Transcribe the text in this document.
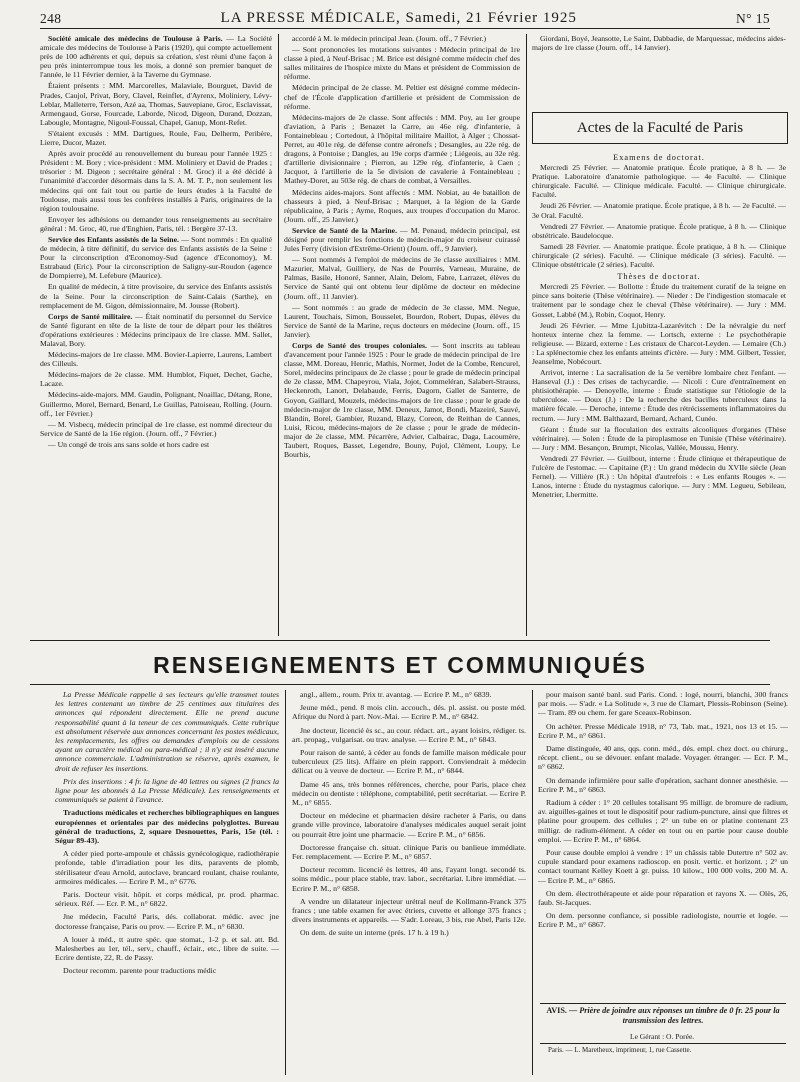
248	LA PRESSE MÉDICALE, Samedi, 21 Février 1925	N° 15

Société amicale des médecins de Toulouse à Paris. — La Société amicale des médecins de Toulouse à Paris (1920), qui compte actuellement près de 100 adhérents et qui, depuis sa création, s'est réuni d'une façon à peu près ininterrompue tous les mois, a donné son premier banquet de l'année, le 11 Février dernier, à la Taverne du Gymnase.

Étaient présents : MM. Marcorelles, Malaviale, Bourguet, David de Prades, Caujol, Privat, Bory, Clavel, Reinflet, d'Ayrenx, Moliniery, Lévy-Leblar, Malleterre, Terson, Azé aa, Thomas, Sauvepiane, Groc, Esclavissat, Armengaud, Gorse, Fourcade, Laborde, Nicod, Digeon, Durand, Dozzan, Labougle, Montagne, Nigoul-Foussal, Chapel, Ganup, Mont-Refet.

S'étaient excusés : MM. Dartigues, Roule, Fau, Delherm, Peribère, Lierre, Ducor, Mazet.

Après avoir procédé au renouvellement du bureau pour l'année 1925 : Président : M. Bory ; vice-président : MM. Moliniery et David de Prades ; trésorier : M. Digeon ; secrétaire général : M. Groc) il a été décidé à l'unanimité d'accorder désormais dans la S. A. M. T. P., non seulement les médecins qui ont fait tout ou partie de leurs études à la Faculté de Toulouse, mais aussi tous les confrères installés à Paris, originaires de la région toulousaine.

Envoyer les adhésions ou demander tous renseignements au secrétaire général : M. Groc, 40, rue d'Enghien, Paris, tél. : Bergère 37-13.

Service des Enfants assistés de la Seine. — Sont nommés : En qualité de médecin, à titre définitif, du service des Enfants assistés de la Seine : Pour la circonscription d'Economoy-Sud (agence d'Economoy), M. Estrabaud (Eric). Pour la circonscription de Saligny-sur-Roudon (agence de Dompierre), M. Lefebure (Maurice).

En qualité de médecin, à titre provisoire, du service des Enfants assistés de la Seine. Pour la circonscription de Saint-Calais (Sarthe), en remplacement de M. Gigon, démissionnaire, M. Jousse (Robert).

Corps de Santé militaire. — Était nominatif du personnel du Service de Santé figurant en tête de la liste de tour de départ pour les théâtres d'opérations extérieures : Médecins principaux de 1re classe. MM. Sallet, Malaval, Bory.

Médecins-majors de 1re classe. MM. Bovier-Lapierre, Laurens, Lambert des Cilleuls.

Médecins-majors de 2e classe. MM. Humblot, Fiquet, Dechet, Gache, Lacaze.

Médecins-aide-majors. MM. Gaudin, Polignant, Noaillac, Détang, Rone, Guillermo, Morel, Bernard, Benard, Le Guillas, Patoiseau, Rolling. (Journ. off., 1er Février.)

— M. Visbecq, médecin principal de 1re classe, est nommé directeur du Service de Santé de la 16e région. (Journ. off., 7 Février.)

— Un congé de trois ans sans solde et hors cadre est

accordé à M. le médecin principal Jean. (Journ. off., 7 Février.)

— Sont prononcées les mutations suivantes : Médecin principal de 1re classe à pied, à Neuf-Brisac ; M. Brice est désigné comme médecin chef des salles militaires de l'hospice mixte du Mans et président de Commission de réforme.

Médecin principal de 2e classe. M. Peltier est désigné comme médecin-chef de l'École d'application d'artillerie et président de Commission de réforme.

Médecins-majors de 2e classe. Sont affectés : MM. Poy, au 1er groupe d'aviation, à Paris ; Benazet la Carre, au 46e rég. d'infanterie, à Fontainebleau ; Cortedout, à l'hôpital militaire Maillot, à Alger ; Chossat-Perret, au 401e rég. de défense contre aéronefs ; Desangles, au 22e rég. de dragons, à Pontoise ; Dangles, au 19e corps d'armée ; Liégeois, au 32e rég. d'artillerie divisionnaire ; Pierron, au 129e rég. d'infanterie, à Caen ; Jacquot, à l'artillerie de la 5e division de cavalerie à Fontainebleau ; Mathey-Doret, au 503e rég. de chars de combat, à Versailles.

Médecins aides-majors. Sont affectés : MM. Nobiat, au 4e bataillon de chasseurs à pied, à Neuf-Brisac ; Marquet, à la légion de la Garde républicaine, à Paris ; Ayme, Roques, aux troupes d'occupation du Maroc. (Journ. off., 25 Janvier.)

Service de Santé de la Marine. — M. Penaud, médecin principal, est désigné pour remplir les fonctions de médecin-major du croiseur cuirassé Jules Ferry (division d'Extrême-Orient) (Journ. off., 9 Janvier).

— Sont nommés à l'emploi de médecins de 3e classe auxiliaires : MM. Mazurier, Malval, Guilliery, de Nas de Pourrès, Varneau, Muraine, de Palmas, Basile, Honoré, Sanner, Alain, Delom, Fabre, Larrazet, élèves du Service de Santé qui ont obtenu leur diplôme de docteur en médecine (Journ. off., 11 Janvier).

— Sont nommés : au grade de médecin de 3e classe, MM. Negue, Laurent, Touchais, Simon, Bousselet, Bourdon, Robert, Dupas, élèves du Service de Santé de la Marine, reçus docteurs en médecine (Journ. off., 15 Janvier).

Corps de Santé des troupes coloniales. — Sont inscrits au tableau d'avancement pour l'année 1925 : Pour le grade de médecin principal de 1re classe, MM. Doreau, Henric, Mathis, Normet, Jodet de la Combe, Rencurel, Sorel, médecins principaux de 2e classe ; pour le grade de médecin principal de 2e classe, MM. Chapeyrou, Viala, Jojot, Commeléran, Salabert-Strauss, Heckenroth, Lanort, Delabaude, Ferris, Dagorn, Gallet de Santerre, de Goyon, Gaillard, Mouzels, médecins-majors de 1re classe ; pour le grade de médecin-major de 1re classe, MM. Deneux, Jamot, Bondi, Mazeiré, Sauvé, Blandin, Borel, Gambier, Ruzand, Blazy, Coreon, de Reithan de Cannes, Luisi, Ricou, médecins-majors de 2e classe ; pour le grade de médecin-major de 2e classe, MM. Pécarrère, Advier, Calbairac, Daga, Lacoumère, Taubert, Roques, Basset, Legendre, Bouny, Pujol, Clément, Loupy, Le Bourhis,

Giordani, Boyé, Jeansotte, Le Saint, Dabbadie, de Marquessac, médecins aides-majors de 1re classe (Journ. off., 14 Janvier).

Actes de la Faculté de Paris
Examens de doctorat.

Mercredi 25 Février. — Anatomie pratique. École pratique, à 8 h. — 3e Pratique. Laboratoire d'anatomie pathologique. — 4e Faculté. — Clinique chirurgicale. Faculté. — Clinique médicale. Faculté. — Clinique chirurgicale. Faculté.

Jeudi 26 Février. — Anatomie pratique. École pratique, à 8 h. — 2e Faculté. — 3e Oral. Faculté.

Vendredi 27 Février. — Anatomie pratique. École pratique, à 8 h. — Clinique obstétricale. Baudelocque.

Samedi 28 Février. — Anatomie pratique. École pratique, à 8 h. — Clinique chirurgicale (2 séries). Faculté. — Clinique médicale (3 séries). Faculté. — Clinique obstétricale (2 séries). Faculté.

Thèses de doctorat.

Mercredi 25 Février. — Bollotte : Étude du traitement curatif de la teigne en pince sans boiterie (Thèse vétérinaire). — Nieder : De l'indigestion stomacale et traitement par le sondage chez le cheval (Thèse vétérinaire). — Jury : MM. Gosset, Labbé (M.), Robin, Coquot, Henry.

Jeudi 26 Février. — Mme Ljubitza-Lazarévitch : De la névralgie du nerf honteux interne chez la femme. — Lortsch, externe : Le psychothérapie religieuse. — Bizard, externe : Les cristaux de Charcot-Leyden. — Lemaire (Ch.) : La splénectomie chez les enfants atteints d'ictère. — Jury : MM. Gilbert, Tessier, Jeanselme, Nobécourt.

Arrivot, interne : La sacralisation de la 5e vertèbre lombaire chez l'enfant. — Hanseval (J.) : Des crises de tachycardie. — Nicoli : Cure d'entraînement en phtisiothérapie. — Denoyelle, interne : Étude statistique sur l'étiologie de la tuberculose. — Doux (J.) : De la recherche des bacilles tuberculeux dans la matière fécale. — Deroche, interne : Étude des rétrécissements inflammatoires du rectum. — Jury : MM. Balthazard, Bernard, Achard, Cunéo.

Géant : Étude sur la floculation des extraits alcooliques d'organes (Thèse vétérinaire). — Solen : Étude de la piroplasmose en Tunisie (Thèse vétérinaire). — Jury : MM. Besançon, Brumpt, Nicolas, Vallée, Moussu, Henry.

Vendredi 27 Février. — Guilbout, interne : Étude clinique et thérapeutique de l'ulcère de l'estomac. — Capitaine (P.) : Un grand médecin du XVIIe siècle (Jean Fernel). — Villière (R.) : Un hôpital d'autrefois : « Les enfants Rouges ». — Lanos, interne : Étude du nystagmus calorique. — Jury : MM. Legueu, Sebileau, Menetrier, Lhermitte.

RENSEIGNEMENTS ET COMMUNIQUÉS

La Presse Médicale rappelle à ses lecteurs qu'elle transmet toutes les lettres contenant un timbre de 25 centimes aux titulaires des annonces qui répondent directement. Elle ne prend aucune responsabilité quant à la teneur de ces communiqués. Cette rubrique est absolument réservée aux annonces concernant les postes médicaux, les remplacements, les offres ou demandes d'emplois ou de cessions ayant un caractère médical ou para-médical ; il n'y est inséré aucune annonce commerciale. L'administration se réserve, après examen, le droit de refuser les insertions.

Prix des insertions : 4 fr. la ligne de 40 lettres ou signes (2 francs la ligne pour les abonnés à La Presse Médicale). Les renseignements et communiqués se paient à l'avance.

Traductions médicales et recherches bibliographiques en langues européennes et orientales par des médecins polyglottes. Bureau général de traductions, 2, square Desnouettes, Paris, 15e (tél. : Ségur 89-43).

A céder pied porte-ampoule et châssis gynécologique, radiothérapie profonde, table d'irradiation pour les dits, paravents de plomb, stérilisateur d'eau Arnold, autoclave, brancard roulant, chaise roulante, armoires médicales. — Ecrire P. M., n° 6776.

Paris. Docteur visit. hôpit. et corps médical, pr. prod. pharmac. sérieux. Réf. — Ecr. P. M., n° 6822.

Jne médecin, Faculté Paris, dés. collaborat. médic. avec jne doctoresse française, Paris ou prov. — Ecrire P. M., n° 6830.

A louer à méd., tt autre spéc. que stomat., 1-2 p. et sal. att. Bd. Malesherbes au 1er, tél., serv., chauff., éclair., etc., libre de suite. — Ecrire dentiste, 22, R. de Passy.

Docteur recomm. parente pour traductions médic

angl., allem., roum. Prix tr. avantag. — Ecrire P. M., n° 6839.

Jeune méd., pend. 8 mois clin. accouch., dés. pl. assist. ou poste méd. Afrique du Nord à part. Nov.-Mai. — Ecrire P. M., n° 6842.

Jne docteur, licencié ès sc., au cour. rédact. art., ayant loisirs, rédiger. ts. art. propag., vulgarisat. ou trav. analyse. — Ecrire P. M., n° 6843.

Pour raison de santé, à céder au fonds de famille maison médicale pour tuberculeux (25 lits). Affaire en plein rapport. Conviendrait à médecin délicat ou à veuve de docteur. — Ecrire P. M., n° 6844.

Dame 45 ans, très bonnes références, cherche, pour Paris, place chez médecin ou dentiste : téléphone, comptabilité, petit secrétariat. — Ecrire P. M., n° 6855.

Docteur en médecine et pharmacien désire racheter à Paris, ou dans grande ville province, laboratoire d'analyses médicales auquel serait joint ou pourrait être joint une pharmacie. — Ecrire P. M., n° 6856.

Doctoresse française ch. situat. clinique Paris ou banlieue immédiate. Fer. remplacement. — Ecrire P. M., n° 6857.

Docteur recomm. licencié ès lettres, 40 ans, l'ayant longt. secondé ts. soins médic., pour place stable, trav. labor., secrétariat. Libre immédiat. — Ecrire P. M., n° 6858.

A vendre un dilatateur injecteur urétral neuf de Kollmann-Franck 375 francs ; une table examen fer avec étriers, cuvette et allonge 375 francs ; divers instruments et appareils. — S'adr. Loreau, 3 bis, rue Abel, Paris 12e.

On dem. de suite un interne (prés. 17 h. à 19 h.)

pour maison santé banl. sud Paris. Cond. : logé, nourri, blanchi, 300 francs par mois. — S'adr. « La Solitude », 3 rue de Clamart, Plessis-Robinson (Seine). — Tram. 89 ou chem. fer gare Sceaux-Robinson.

On achèter. Presse Médicale 1918, n° 73, Tab. mat., 1921, nos 13 et 15. — Ecrire P. M., n° 6861.

Dame distinguée, 40 ans, qqs. conn. méd., dés. empl. chez doct. ou chirurg., récept. client., ou se dévouer. enfant malade. Voyager. étranger. — Ecr. P. M., n° 6862.

On demande infirmière pour salle d'opération, sachant donner anesthésie. — Ecrire P. M., n° 6863.

Radium à céder : 1° 20 cellules totalisant 95 milligr. de bromure de radium, av. aiguilles-gaines et tout le dispositif pour radium-puncture, ainsi que filtres et platine pour groupem. des cellules ; 2° un tube en or platine contenant 23 milligr. de radium-élément. A céder en tout ou en partie pour cause double emploi. — Ecrire P. M., n° 6864.

Pour cause double emploi à vendre : 1° un châssis table Dutertre n° 502 av. cupule standard pour examens radioscop. en posit. vertic. et horizont. ; 2° un contact tournant Kelley Koett à gr. puiss. 10 kilow., 100 000 volts, 200 M. A. — Ecrire P. M., n° 6865.

On dem. électrothérapeute et aide pour réparation et rayons X. — Olès, 26, faub. St-Jacques.

On dem. personne confiance, si possible radiologiste, nourrie et logée. — Ecrire P. M., n° 6867.

AVIS. — Prière de joindre aux réponses un timbre de 0 fr. 25 pour la transmission des lettres.
Le Gérant : O. Porée.
Paris. — L. Maretheux, imprimeur, 1, rue Cassette.
